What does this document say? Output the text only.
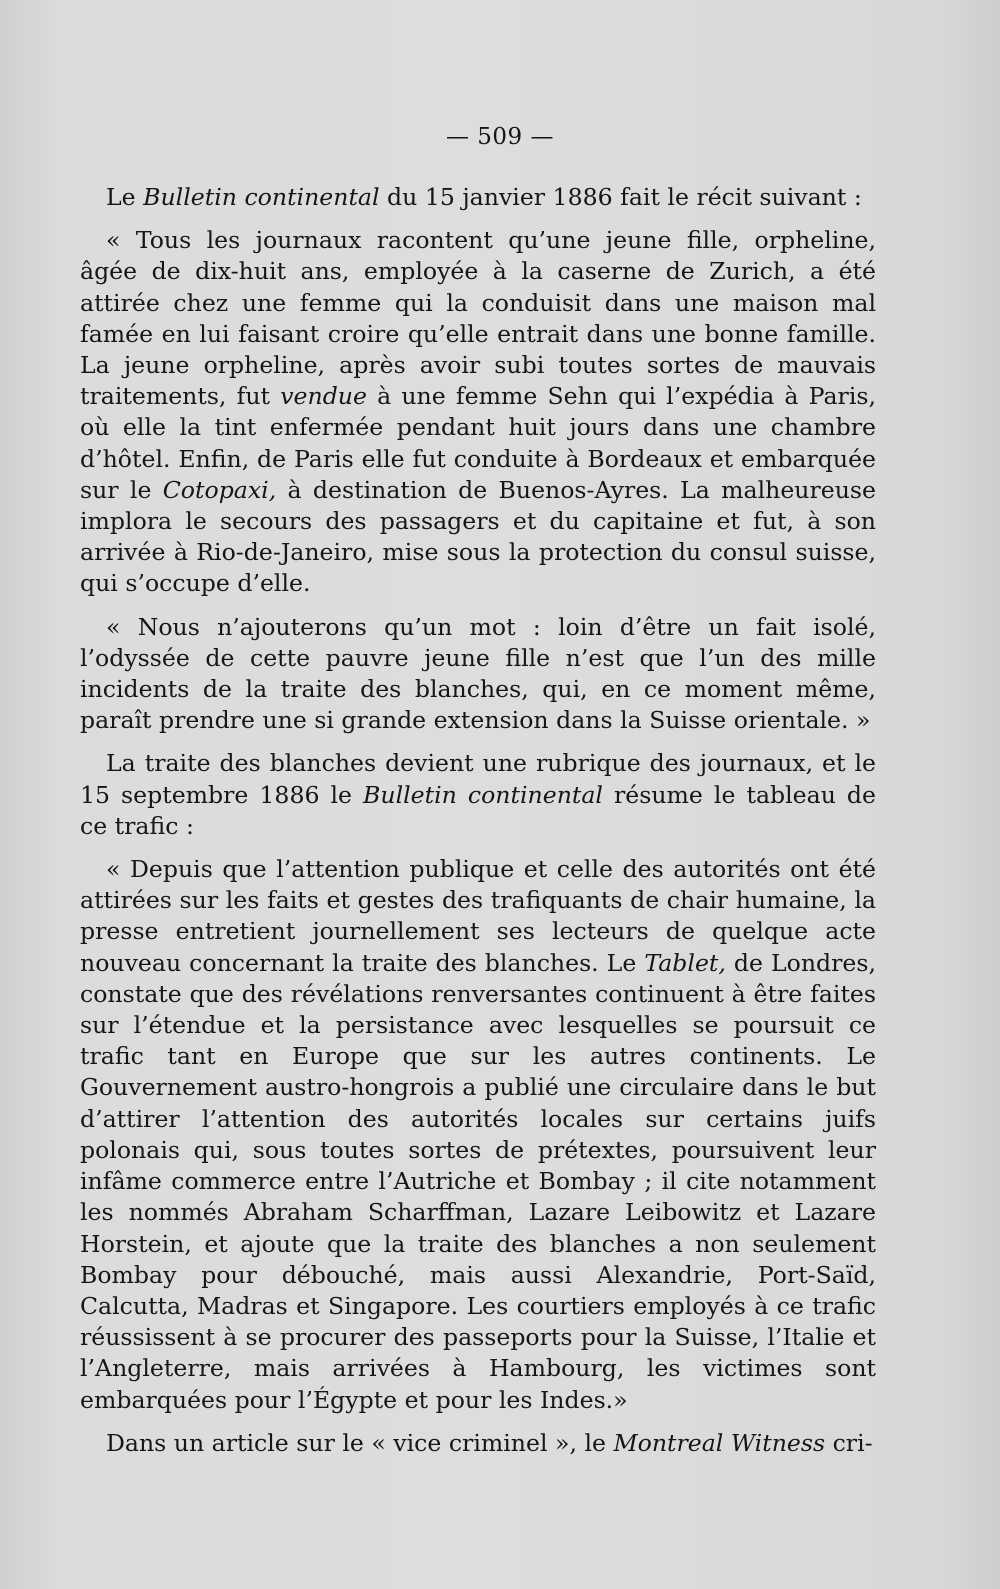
— 509 —

Le Bulletin continental du 15 janvier 1886 fait le récit suivant :

« Tous les journaux racontent qu’une jeune fille, orpheline, âgée de dix-huit ans, employée à la caserne de Zurich, a été attirée chez une femme qui la conduisit dans une maison mal famée en lui faisant croire qu’elle entrait dans une bonne famille. La jeune orpheline, après avoir subi toutes sortes de mauvais traitements, fut vendue à une femme Sehn qui l’expédia à Paris, où elle la tint enfermée pendant huit jours dans une chambre d’hôtel. Enfin, de Paris elle fut conduite à Bordeaux et embarquée sur le Cotopaxi, à destination de Buenos-Ayres. La malheureuse implora le secours des passagers et du capitaine et fut, à son arrivée à Rio-de-Janeiro, mise sous la protection du consul suisse, qui s’occupe d’elle.

« Nous n’ajouterons qu’un mot : loin d’être un fait isolé, l’odyssée de cette pauvre jeune fille n’est que l’un des mille incidents de la traite des blanches, qui, en ce moment même, paraît prendre une si grande extension dans la Suisse orientale. »

La traite des blanches devient une rubrique des journaux, et le 15 septembre 1886 le Bulletin continental résume le tableau de ce trafic :

« Depuis que l’attention publique et celle des autorités ont été attirées sur les faits et gestes des trafiquants de chair humaine, la presse entretient journellement ses lecteurs de quelque acte nouveau concernant la traite des blanches. Le Tablet, de Londres, constate que des révélations renversantes continuent à être faites sur l’étendue et la persistance avec lesquelles se poursuit ce trafic tant en Europe que sur les autres continents. Le Gouvernement austro-hongrois a publié une circulaire dans le but d’attirer l’attention des autorités locales sur certains juifs polonais qui, sous toutes sortes de prétextes, poursuivent leur infâme commerce entre l’Autriche et Bombay ; il cite notamment les nommés Abraham Scharffman, Lazare Leibowitz et Lazare Horstein, et ajoute que la traite des blanches a non seulement Bombay pour débouché, mais aussi Alexandrie, Port-Saïd, Calcutta, Madras et Singapore. Les courtiers employés à ce trafic réussissent à se procurer des passeports pour la Suisse, l’Italie et l’Angleterre, mais arrivées à Hambourg, les victimes sont embarquées pour l’Égypte et pour les Indes.»

Dans un article sur le « vice criminel », le Montreal Witness cri-
